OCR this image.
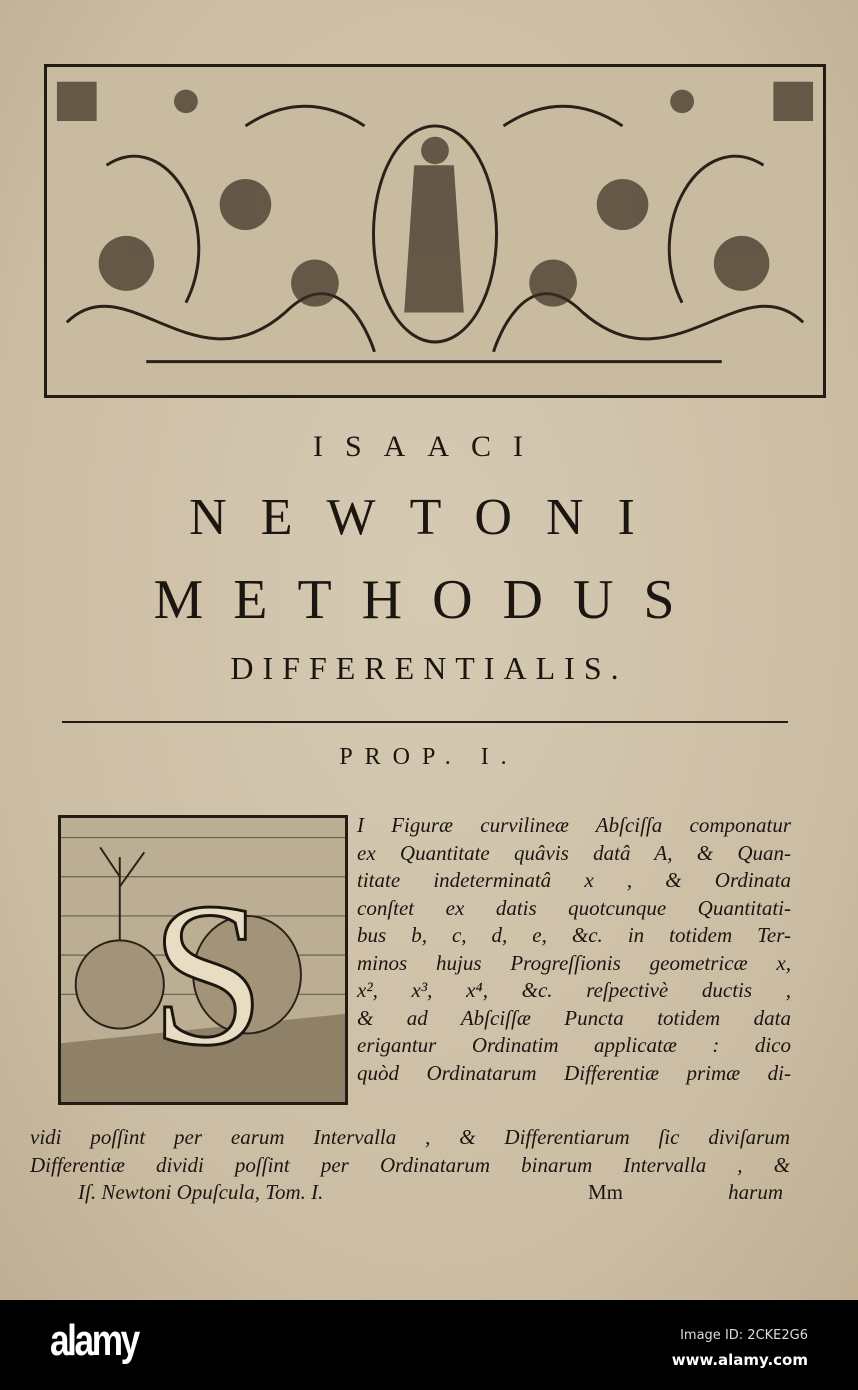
ISAACI
NEWTONI
METHODUS
DIFFERENTIALIS.
PROP. I.
S
I Figuræ curvilineæ Abſciſſa componatur
ex Quantitate quâvis datâ A, & Quan-
titate indeterminatâ x , & Ordinata
conſtet ex datis quotcunque Quantitati-
bus b, c, d, e, &c. in totidem Ter-
minos hujus Progreſſionis geometricæ x,
x², x³, x⁴, &c. reſpectivè ductis ,
& ad Abſciſſæ Puncta totidem data
erigantur Ordinatim applicatæ : dico
quòd Ordinatarum Differentiæ primæ di-
vidi poſſint per earum Intervalla , & Differentiarum ſic diviſarum
Differentiæ dividi poſſint per Ordinatarum binarum Intervalla , &
Iſ. Newtoni Opuſcula, Tom. I.	Mm	harum
alamy	Image ID: 2CKE2G6
www.alamy.com
